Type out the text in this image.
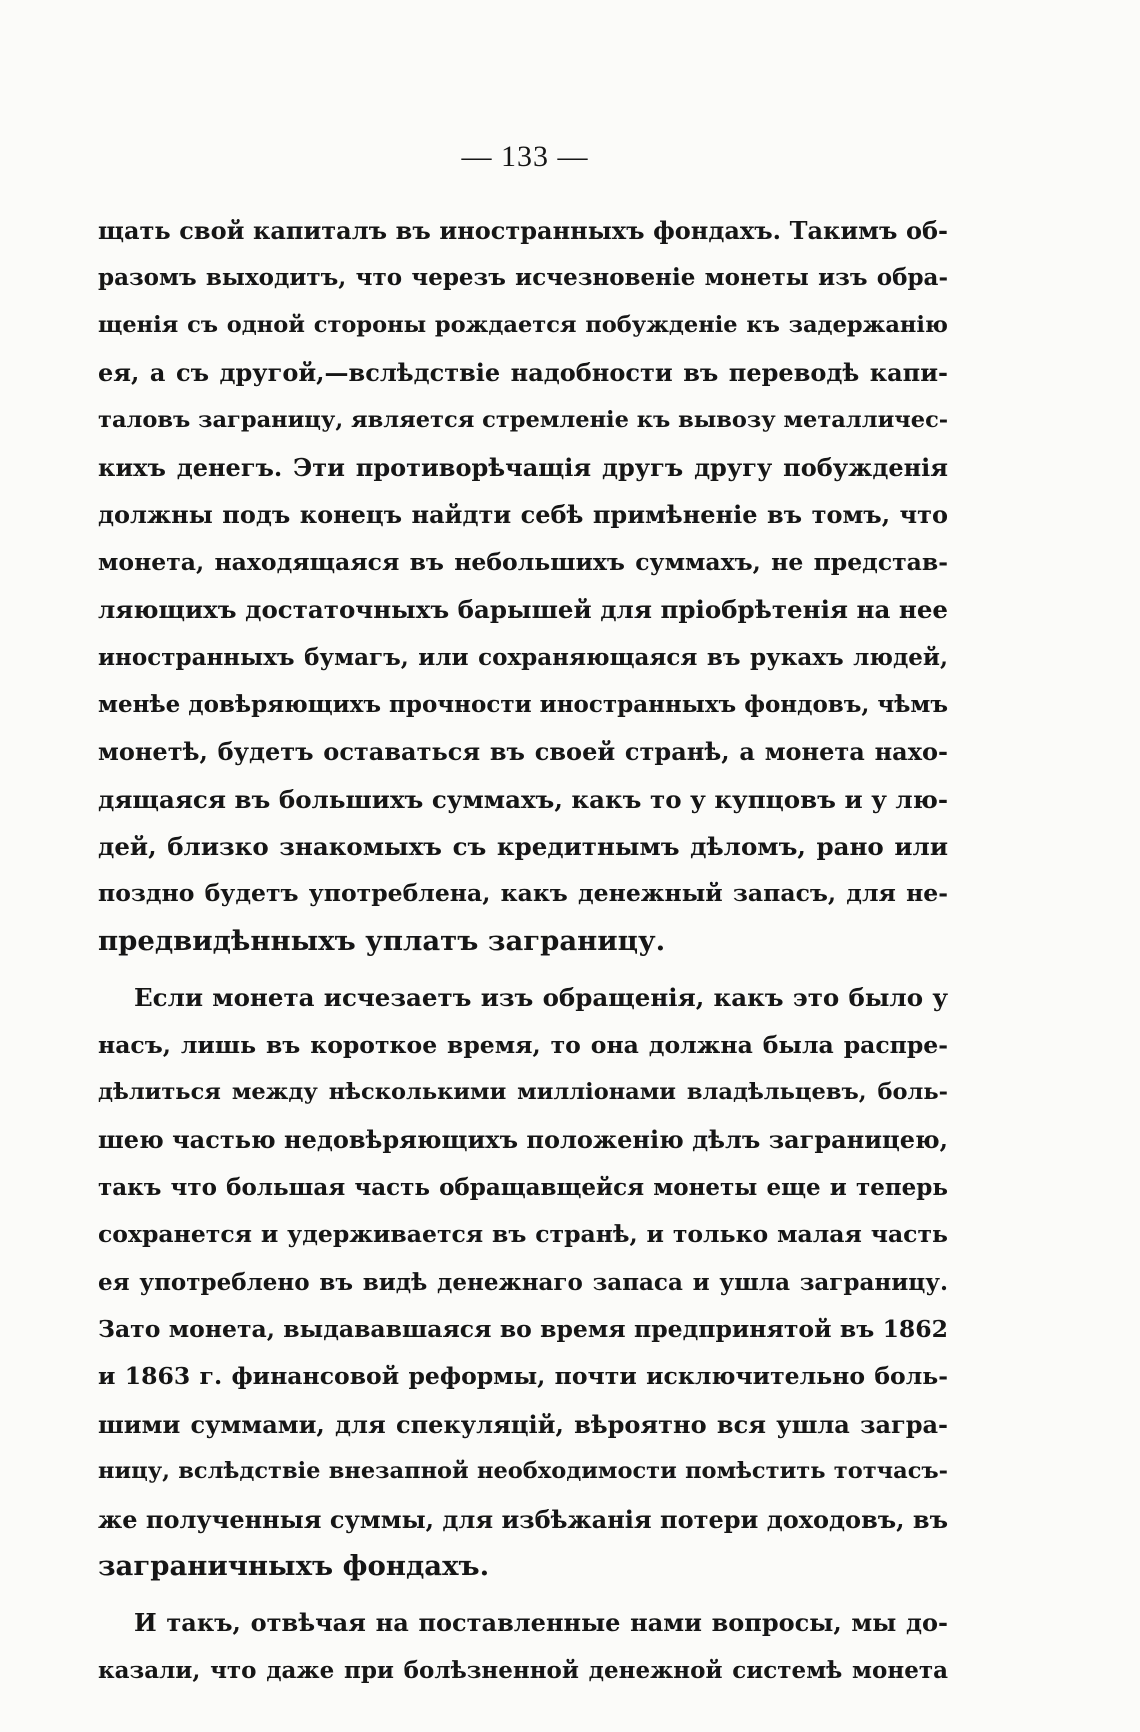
— 133 —
щать свой капиталъ въ иностранныхъ фондахъ. Такимъ об-
разомъ выходитъ, что черезъ исчезновеніе монеты изъ обра-
щенія съ одной стороны рождается побужденіе къ задержанію
ея, а съ другой,—вслѣдствіе надобности въ переводѣ капи-
таловъ заграницу, является стремленіе къ вывозу металличес-
кихъ денегъ. Эти противорѣчащія другъ другу побужденія
должны подъ конецъ найдти себѣ примѣненіе въ томъ, что
монета, находящаяся въ небольшихъ суммахъ, не представ-
ляющихъ достаточныхъ барышей для пріобрѣтенія на нее
иностранныхъ бумагъ, или сохраняющаяся въ рукахъ людей,
менѣе довѣряющихъ прочности иностранныхъ фондовъ, чѣмъ
монетѣ, будетъ оставаться въ своей странѣ, а монета нахо-
дящаяся въ большихъ суммахъ, какъ то у купцовъ и у лю-
дей, близко знакомыхъ съ кредитнымъ дѣломъ, рано или
поздно будетъ употреблена, какъ денежный запасъ, для не-
предвидѣнныхъ уплатъ заграницу.
Если монета исчезаетъ изъ обращенія, какъ это было у
насъ, лишь въ короткое время, то она должна была распре-
дѣлиться между нѣсколькими милліонами владѣльцевъ, боль-
шею частью недовѣряющихъ положенію дѣлъ заграницею,
такъ что большая часть обращавщейся монеты еще и теперь
сохранется и удерживается въ странѣ, и только малая часть
ея употреблено въ видѣ денежнаго запаса и ушла заграницу.
Зато монета, выдававшаяся во время предпринятой въ 1862
и 1863 г. финансовой реформы, почти исключительно боль-
шими суммами, для спекуляцій, вѣроятно вся ушла загра-
ницу, вслѣдствіе внезапной необходимости помѣстить тотчасъ-
же полученныя суммы, для избѣжанія потери доходовъ, въ
заграничныхъ фондахъ.
И такъ, отвѣчая на поставленные нами вопросы, мы до-
казали, что даже при болѣзненной денежной системѣ монета
